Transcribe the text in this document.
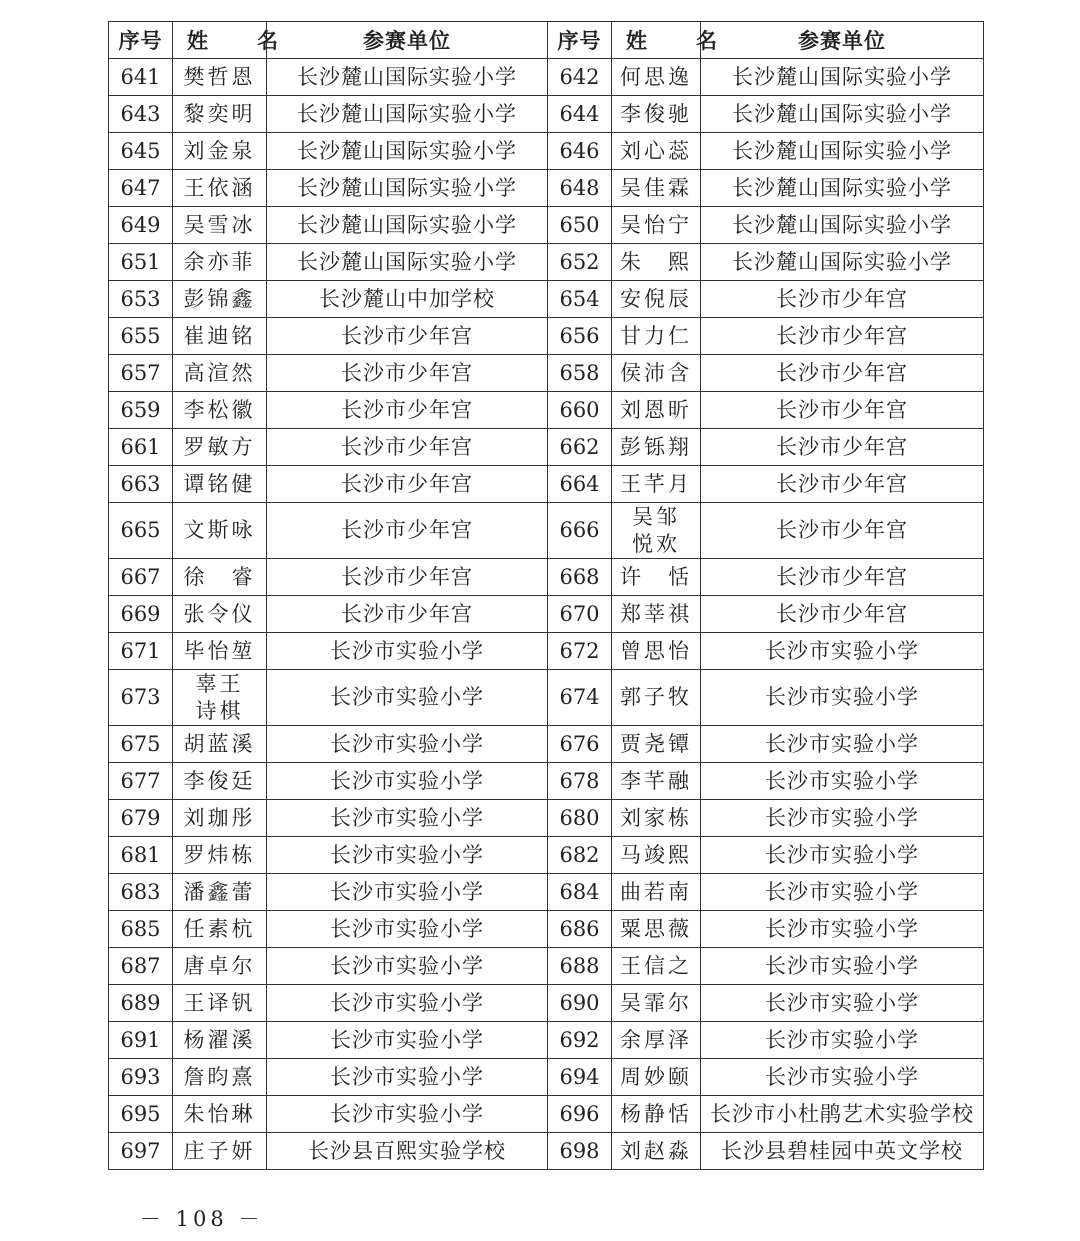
序号	姓　名	参赛单位	序号	姓　名	参赛单位
641	樊哲恩	长沙麓山国际实验小学	642	何思逸	长沙麓山国际实验小学
643	黎奕明	长沙麓山国际实验小学	644	李俊驰	长沙麓山国际实验小学
645	刘金泉	长沙麓山国际实验小学	646	刘心蕊	长沙麓山国际实验小学
647	王依涵	长沙麓山国际实验小学	648	吴佳霖	长沙麓山国际实验小学
649	吴雪冰	长沙麓山国际实验小学	650	吴怡宁	长沙麓山国际实验小学
651	余亦菲	长沙麓山国际实验小学	652	朱　熙	长沙麓山国际实验小学
653	彭锦鑫	长沙麓山中加学校	654	安倪辰	长沙市少年宫
655	崔迪铭	长沙市少年宫	656	甘力仁	长沙市少年宫
657	高渲然	长沙市少年宫	658	侯沛含	长沙市少年宫
659	李松徽	长沙市少年宫	660	刘恩昕	长沙市少年宫
661	罗敏方	长沙市少年宫	662	彭铄翔	长沙市少年宫
663	谭铭健	长沙市少年宫	664	王芊月	长沙市少年宫
665	文斯咏	长沙市少年宫	666	吴邹悦欢	长沙市少年宫
667	徐　睿	长沙市少年宫	668	许　恬	长沙市少年宫
669	张令仪	长沙市少年宫	670	郑莘祺	长沙市少年宫
671	毕怡堃	长沙市实验小学	672	曾思怡	长沙市实验小学
673	辜王诗棋	长沙市实验小学	674	郭子牧	长沙市实验小学
675	胡蓝溪	长沙市实验小学	676	贾尧镡	长沙市实验小学
677	李俊廷	长沙市实验小学	678	李芊融	长沙市实验小学
679	刘珈彤	长沙市实验小学	680	刘家栋	长沙市实验小学
681	罗炜栋	长沙市实验小学	682	马竣熙	长沙市实验小学
683	潘鑫蕾	长沙市实验小学	684	曲若南	长沙市实验小学
685	任素杭	长沙市实验小学	686	粟思薇	长沙市实验小学
687	唐卓尔	长沙市实验小学	688	王信之	长沙市实验小学
689	王译钒	长沙市实验小学	690	吴霏尔	长沙市实验小学
691	杨濯溪	长沙市实验小学	692	余厚泽	长沙市实验小学
693	詹昀熹	长沙市实验小学	694	周妙颐	长沙市实验小学
695	朱怡琳	长沙市实验小学	696	杨静恬	长沙市小杜鹃艺术实验学校
697	庄子妍	长沙县百熙实验学校	698	刘赵淼	长沙县碧桂园中英文学校
－ 108 －
